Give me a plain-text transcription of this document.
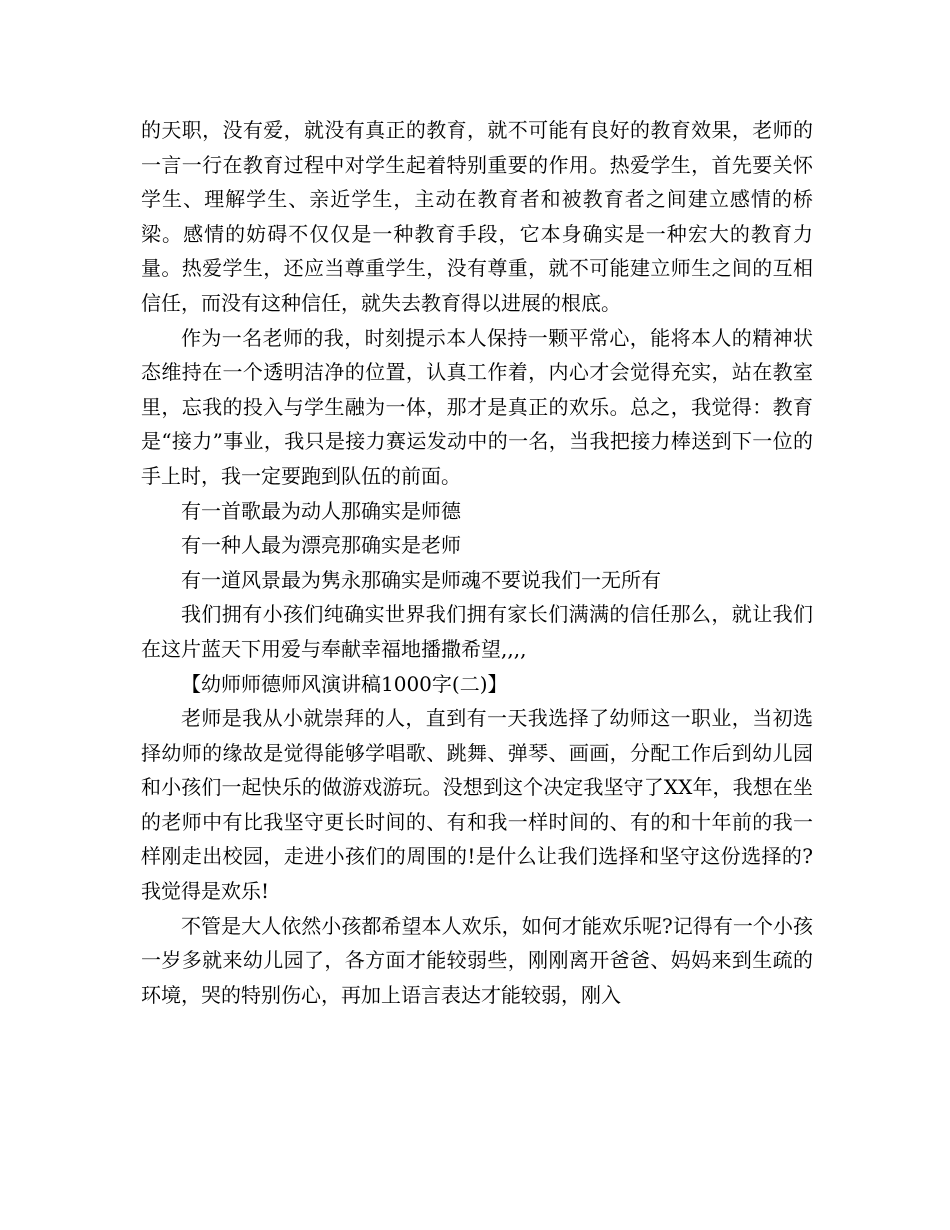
的天职，没有爱，就没有真正的教育，就不可能有良好的教育效果，老师的一言一行在教育过程中对学生起着特别重要的作用。热爱学生，首先要关怀学生、理解学生、亲近学生，主动在教育者和被教育者之间建立感情的桥梁。感情的妨碍不仅仅是一种教育手段，它本身确实是一种宏大的教育力量。热爱学生，还应当尊重学生，没有尊重，就不可能建立师生之间的互相信任，而没有这种信任，就失去教育得以进展的根底。

作为一名老师的我，时刻提示本人保持一颗平常心，能将本人的精神状态维持在一个透明洁净的位置，认真工作着，内心才会觉得充实，站在教室里，忘我的投入与学生融为一体，那才是真正的欢乐。总之，我觉得：教育是“接力”事业，我只是接力赛运发动中的一名，当我把接力棒送到下一位的手上时，我一定要跑到队伍的前面。

有一首歌最为动人那确实是师德

有一种人最为漂亮那确实是老师

有一道风景最为隽永那确实是师魂不要说我们一无所有

我们拥有小孩们纯确实世界我们拥有家长们满满的信任那么，就让我们在这片蓝天下用爱与奉献幸福地播撒希望,,,,

【幼师师德师风演讲稿1000字(二)】

老师是我从小就崇拜的人，直到有一天我选择了幼师这一职业，当初选择幼师的缘故是觉得能够学唱歌、跳舞、弹琴、画画，分配工作后到幼儿园和小孩们一起快乐的做游戏游玩。没想到这个决定我坚守了XX年，我想在坐的老师中有比我坚守更长时间的、有和我一样时间的、有的和十年前的我一样刚走出校园，走进小孩们的周围的!是什么让我们选择和坚守这份选择的?我觉得是欢乐!

不管是大人依然小孩都希望本人欢乐，如何才能欢乐呢?记得有一个小孩一岁多就来幼儿园了，各方面才能较弱些，刚刚离开爸爸、妈妈来到生疏的环境，哭的特别伤心，再加上语言表达才能较弱，刚入
